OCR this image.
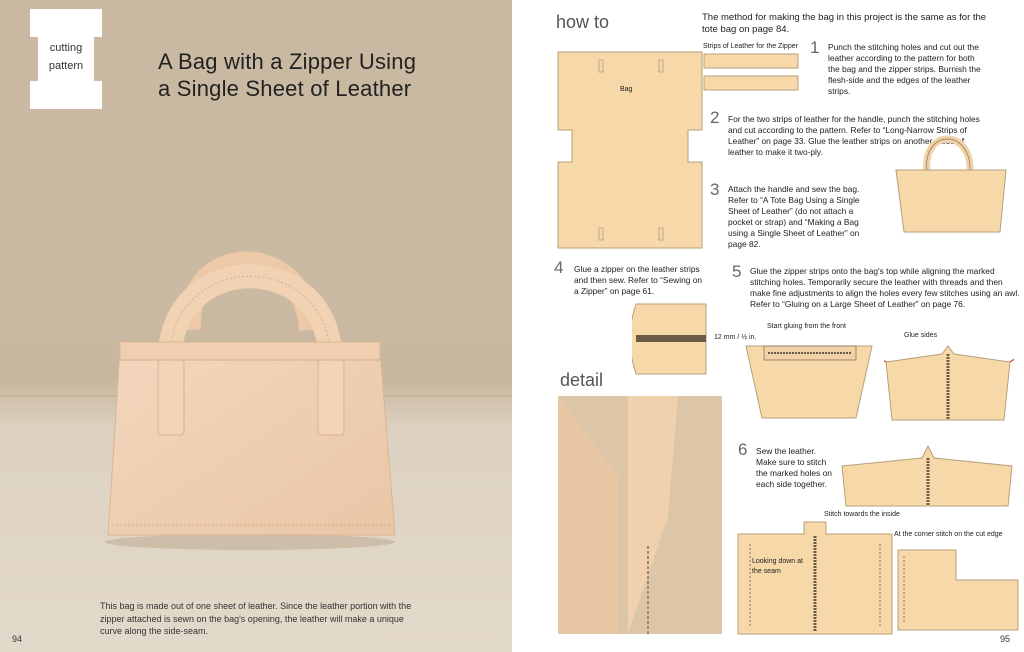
cutting
pattern	A Bag with a Zipper Using
a Single Sheet of Leather
This bag is made out of one sheet of leather. Since the leather portion with the zipper attached is sewn on the bag's opening, the leather will make a unique curve along the side-seam.
94
how to	The method for making the bag in this project is the same as for the tote bag on page 84.
Bag
Strips of Leather for the Zipper 1 Punch the stitching holes and cut out the leather according to the pattern for both the bag and the zipper strips. Burnish the flesh-side and the edges of the leather strips.
2 For the two strips of leather for the handle, punch the stitching holes and cut according to the pattern. Refer to “Long-Narrow Strips of Leather” on page 33. Glue the leather strips on another piece of leather to make it two-ply.
3 Attach the handle and sew the bag. Refer to “A Tote Bag Using a Single Sheet of Leather” (do not attach a pocket or strap) and “Making a Bag using a Single Sheet of Leather” on page 82.
4 Glue a zipper on the leather strips and then sew. Refer to “Sewing on a Zipper” on page 61.
5 Glue the zipper strips onto the bag's top while aligning the marked stitching holes. Temporarily secure the leather with threads and then make fine adjustments to align the holes every few stitches using an awl. Refer to “Gluing on a Large Sheet of Leather” on page 76.
12 mm / ½ in.
Start gluing from the front
Glue sides
detail
6 Sew the leather. Make sure to stitch the marked holes on each side together.
Stitch towards the inside
Looking down at the seam
At the corner stitch on the cut edge
95
